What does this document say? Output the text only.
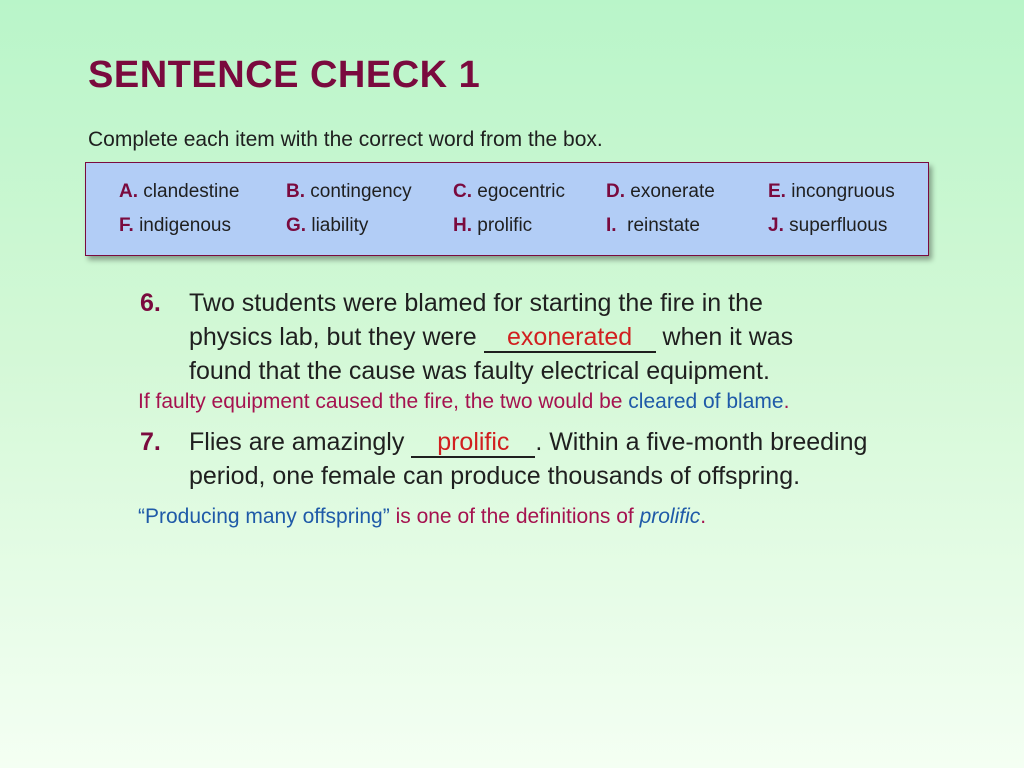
SENTENCE CHECK 1
Complete each item with the correct word from the box.
A. clandestine B. contingency C. egocentric D. exonerate	E. incongruous
F. indigenous	G. liability	H. prolific	I.  reinstate	J. superfluous
6. Two students were blamed for starting the fire in the
physics lab, but they were exonerated when it was
found that the cause was faulty electrical equipment.
If faulty equipment caused the fire, the two would be cleared of blame.
7. Flies are amazingly prolific . Within a five-month breeding
period, one female can produce thousands of offspring.
“Producing many offspring” is one of the definitions of prolific.
